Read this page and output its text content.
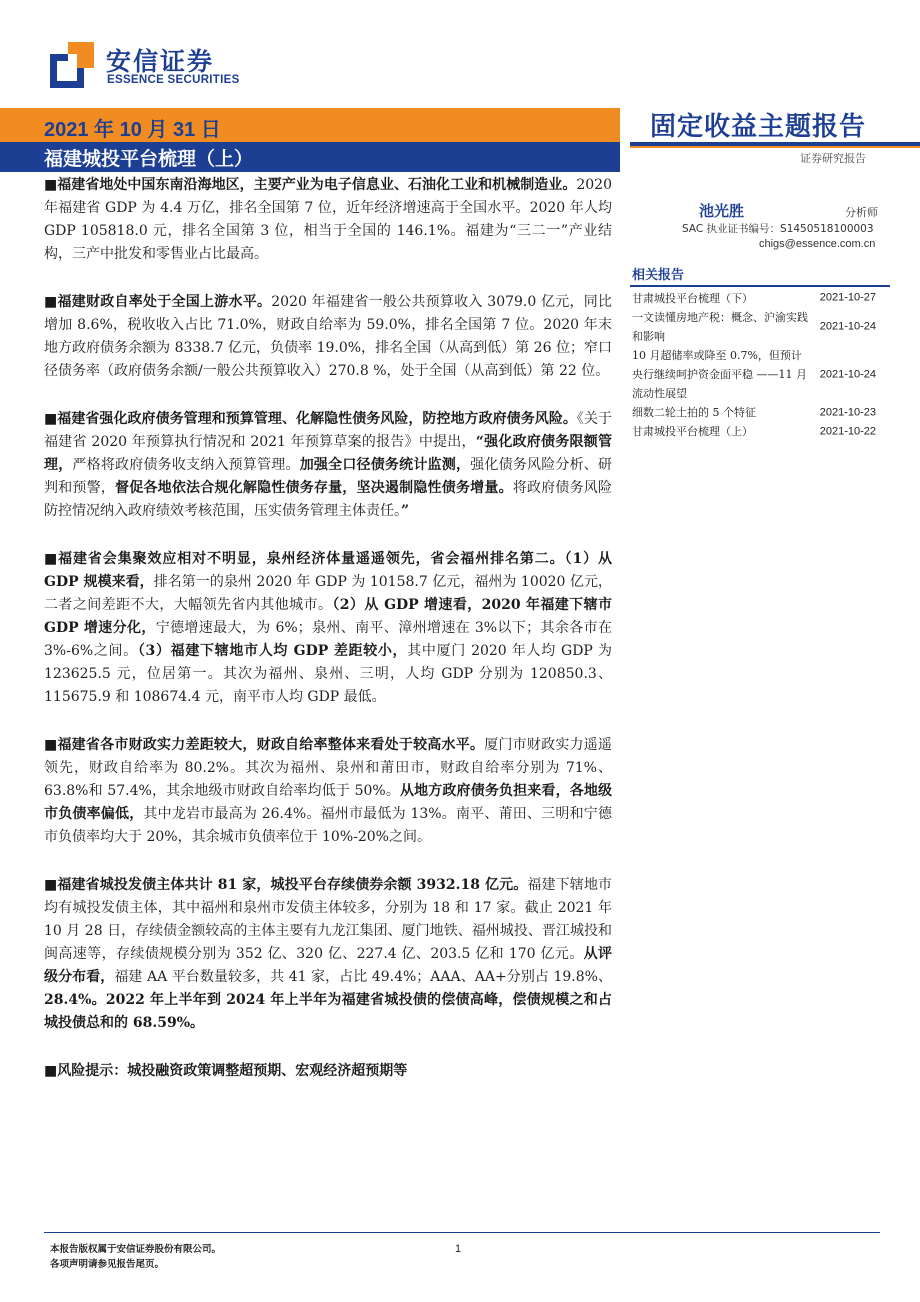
安信证券
ESSENCE SECURITIES
2021 年 10 月 31 日
福建城投平台梳理（上）
固定收益主题报告
证券研究报告

■福建省地处中国东南沿海地区，主要产业为电子信息业、石油化工业和机械制造业。2020 年福建省 GDP 为 4.4 万亿，排名全国第 7 位，近年经济增速高于全国水平。2020 年人均 GDP 105818.0 元，排名全国第 3 位，相当于全国的 146.1%。福建为“三二一”产业结构，三产中批发和零售业占比最高。

■福建财政自率处于全国上游水平。2020 年福建省一般公共预算收入 3079.0 亿元，同比增加 8.6%，税收收入占比 71.0%，财政自给率为 59.0%，排名全国第 7 位。2020 年末地方政府债务余额为 8338.7 亿元，负债率 19.0%，排名全国（从高到低）第 26 位；窄口径债务率（政府债务余额/一般公共预算收入）270.8 %，处于全国（从高到低）第 22 位。

■福建省强化政府债务管理和预算管理、化解隐性债务风险，防控地方政府债务风险。《关于福建省 2020 年预算执行情况和 2021 年预算草案的报告》中提出，“强化政府债务限额管理，严格将政府债务收支纳入预算管理。加强全口径债务统计监测，强化债务风险分析、研判和预警，督促各地依法合规化解隐性债务存量，坚决遏制隐性债务增量。将政府债务风险防控情况纳入政府绩效考核范围，压实债务管理主体责任。”

■福建省会集聚效应相对不明显，泉州经济体量遥遥领先，省会福州排名第二。（1）从 GDP 规模来看，排名第一的泉州 2020 年 GDP 为 10158.7 亿元，福州为 10020 亿元，二者之间差距不大，大幅领先省内其他城市。（2）从 GDP 增速看，2020 年福建下辖市 GDP 增速分化，宁德增速最大，为 6%；泉州、南平、漳州增速在 3%以下；其余各市在 3%-6%之间。（3）福建下辖地市人均 GDP 差距较小，其中厦门 2020 年人均 GDP 为 123625.5 元，位居第一。其次为福州、泉州、三明，人均 GDP 分别为 120850.3、115675.9 和 108674.4 元，南平市人均 GDP 最低。

■福建省各市财政实力差距较大，财政自给率整体来看处于较高水平。厦门市财政实力遥遥领先，财政自给率为 80.2%。其次为福州、泉州和莆田市，财政自给率分别为 71%、63.8%和 57.4%，其余地级市财政自给率均低于 50%。从地方政府债务负担来看，各地级市负债率偏低，其中龙岩市最高为 26.4%。福州市最低为 13%。南平、莆田、三明和宁德市负债率均大于 20%，其余城市负债率位于 10%-20%之间。

■福建省城投发债主体共计 81 家，城投平台存续债券余额 3932.18 亿元。福建下辖地市均有城投发债主体，其中福州和泉州市发债主体较多，分别为 18 和 17 家。截止 2021 年 10 月 28 日，存续债金额较高的主体主要有九龙江集团、厦门地铁、福州城投、晋江城投和闽高速等，存续债规模分别为 352 亿、320 亿、227.4 亿、203.5 亿和 170 亿元。从评级分布看，福建 AA 平台数量较多，共 41 家，占比 49.4%；AAA、AA+分别占 19.8%、28.4%。2022 年上半年到 2024 年上半年为福建省城投债的偿债高峰，偿债规模之和占城投债总和的 68.59%。

■风险提示：城投融资政策调整超预期、宏观经济超预期等

池光胜	分析师
SAC 执业证书编号：S1450518100003
chigs@essence.com.cn
相关报告
甘肃城投平台梳理（下）	2021-10-27
一文读懂房地产税：概念、沪渝实践和影响
2021-10-24
10 月超储率或降至 0.7%，但预计央行继续呵护资金面平稳 ——11 月流动性展望
2021-10-24
细数二轮土拍的 5 个特征	2021-10-23
甘肃城投平台梳理（上）	2021-10-22
本报告版权属于安信证券股份有限公司。
各项声明请参见报告尾页。
1
